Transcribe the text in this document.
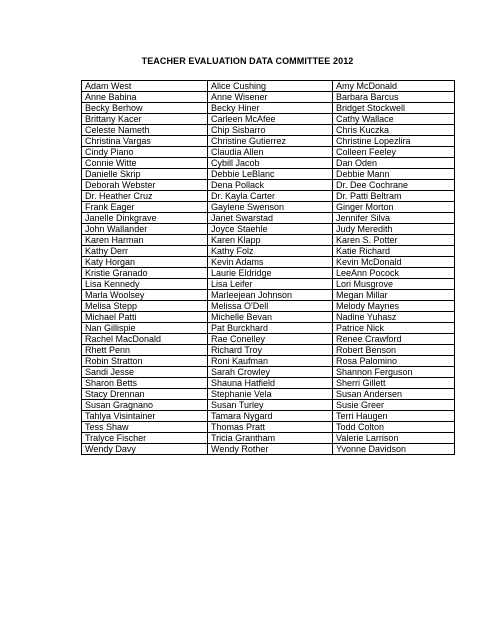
TEACHER EVALUATION DATA COMMITTEE 2012
Adam West	Alice Cushing	Amy McDonald
Anne Babina	Anne Wisener	Barbara Barcus
Becky Berhow	Becky Hiner	Bridget Stockwell
Brittany Kacer	Carleen McAfee	Cathy Wallace
Celeste Nameth	Chip Sisbarro	Chris Kuczka
Christina Vargas	Christine Gutierrez	Christine Lopezlira
Cindy Piano	Claudia Allen	Colleen Feeley
Connie Witte	Cybill Jacob	Dan Oden
Danielle Skrip	Debbie LeBlanc	Debbie Mann
Deborah Webster	Dena Pollack	Dr. Dee Cochrane
Dr. Heather Cruz	Dr. Kayla Carter	Dr. Patti Beltram
Frank Eager	Gaylene Swenson	Ginger Morton
Janelle Dinkgrave	Janet Swarstad	Jennifer Silva
John Wallander	Joyce Staehle	Judy Meredith
Karen Harman	Karen Klapp	Karen S. Potter
Kathy Derr	Kathy Folz	Katie Richard
Katy Horgan	Kevin Adams	Kevin McDonald
Kristie Granado	Laurie Eldridge	LeeAnn Pocock
Lisa Kennedy	Lisa Leifer	Lori Musgrove
Marla Woolsey	Marleejean Johnson	Megan Millar
Melisa Stepp	Melissa O'Dell	Melody Maynes
Michael Patti	Michelle Bevan	Nadine Yuhasz
Nan Gillispie	Pat Burckhard	Patrice Nick
Rachel MacDonald	Rae Conelley	Renee Crawford
Rhett Penn	Richard Troy	Robert Benson
Robin Stratton	Roni Kaufman	Rosa Palomino
Sandi Jesse	Sarah Crowley	Shannon Ferguson
Sharon Betts	Shauna Hatfield	Sherri Gillett
Stacy Drennan	Stephanie Vela	Susan Andersen
Susan Gragnano	Susan Turley	Susie Greer
Tahlya Visintainer	Tamara Nygard	Terri Haugen
Tess Shaw	Thomas Pratt	Todd Colton
Tralyce Fischer	Tricia Grantham	Valerie Larrison
Wendy Davy	Wendy Rother	Yvonne Davidson
